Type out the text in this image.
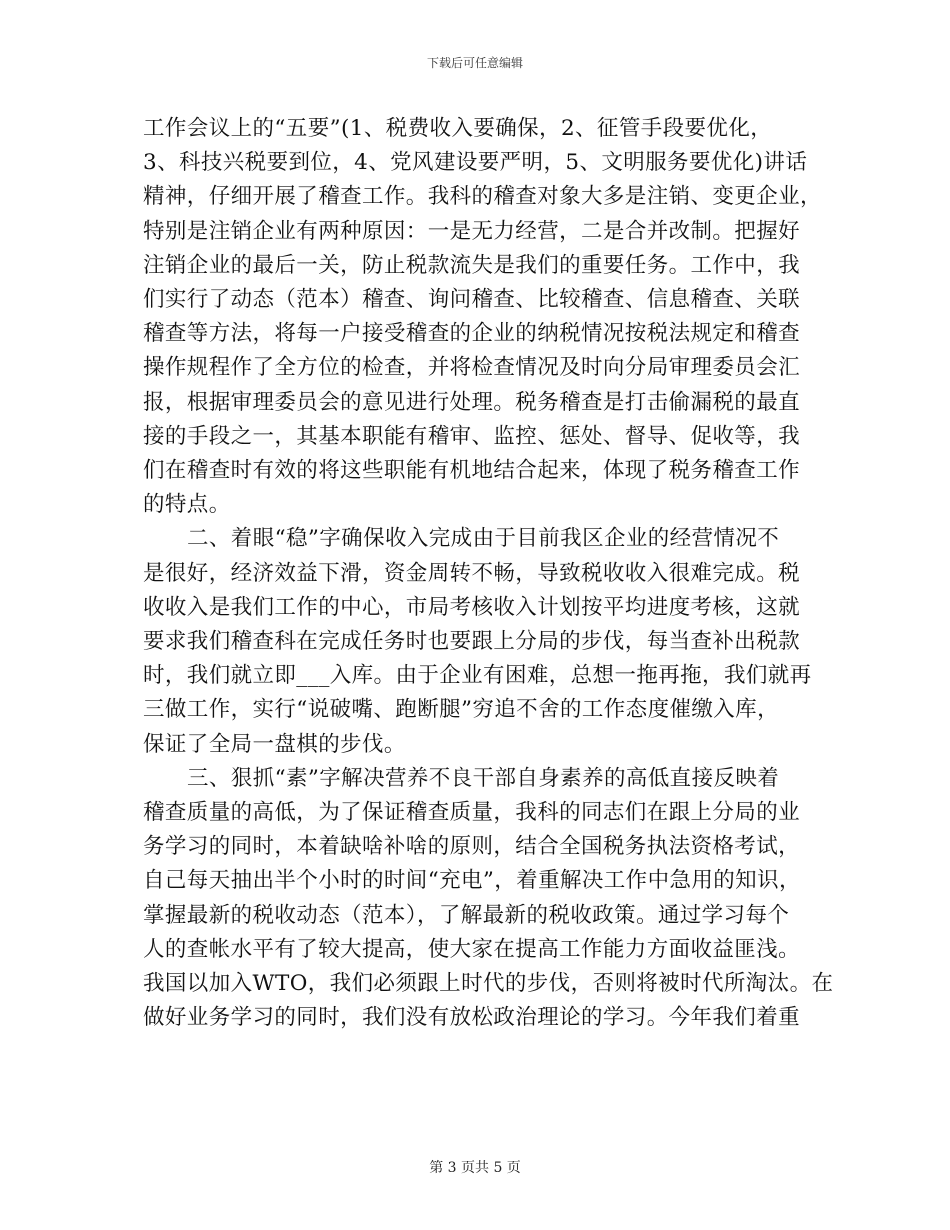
下载后可任意编辑
工作会议上的“五要”(1、税费收入要确保，2、征管手段要优化，
3、科技兴税要到位，4、党风建设要严明，5、文明服务要优化)讲话
精神，仔细开展了稽查工作。我科的稽查对象大多是注销、变更企业，
特别是注销企业有两种原因：一是无力经营，二是合并改制。把握好
注销企业的最后一关，防止税款流失是我们的重要任务。工作中，我
们实行了动态（范本）稽查、询问稽查、比较稽查、信息稽查、关联
稽查等方法，将每一户接受稽查的企业的纳税情况按税法规定和稽查
操作规程作了全方位的检查，并将检查情况及时向分局审理委员会汇
报，根据审理委员会的意见进行处理。税务稽查是打击偷漏税的最直
接的手段之一，其基本职能有稽审、监控、惩处、督导、促收等，我
们在稽查时有效的将这些职能有机地结合起来，体现了税务稽查工作
的特点。
二、着眼“稳”字确保收入完成由于目前我区企业的经营情况不
是很好，经济效益下滑，资金周转不畅，导致税收收入很难完成。税
收收入是我们工作的中心，市局考核收入计划按平均进度考核，这就
要求我们稽查科在完成任务时也要跟上分局的步伐，每当查补出税款
时，我们就立即___入库。由于企业有困难，总想一拖再拖，我们就再
三做工作，实行“说破嘴、跑断腿”穷追不舍的工作态度催缴入库，
保证了全局一盘棋的步伐。
三、狠抓“素”字解决营养不良干部自身素养的高低直接反映着
稽查质量的高低，为了保证稽查质量，我科的同志们在跟上分局的业
务学习的同时，本着缺啥补啥的原则，结合全国税务执法资格考试，
自己每天抽出半个小时的时间“充电”，着重解决工作中急用的知识，
掌握最新的税收动态（范本），了解最新的税收政策。通过学习每个
人的查帐水平有了较大提高，使大家在提高工作能力方面收益匪浅。
我国以加入WTO，我们必须跟上时代的步伐，否则将被时代所淘汰。在
做好业务学习的同时，我们没有放松政治理论的学习。今年我们着重
第 3 页共 5 页
